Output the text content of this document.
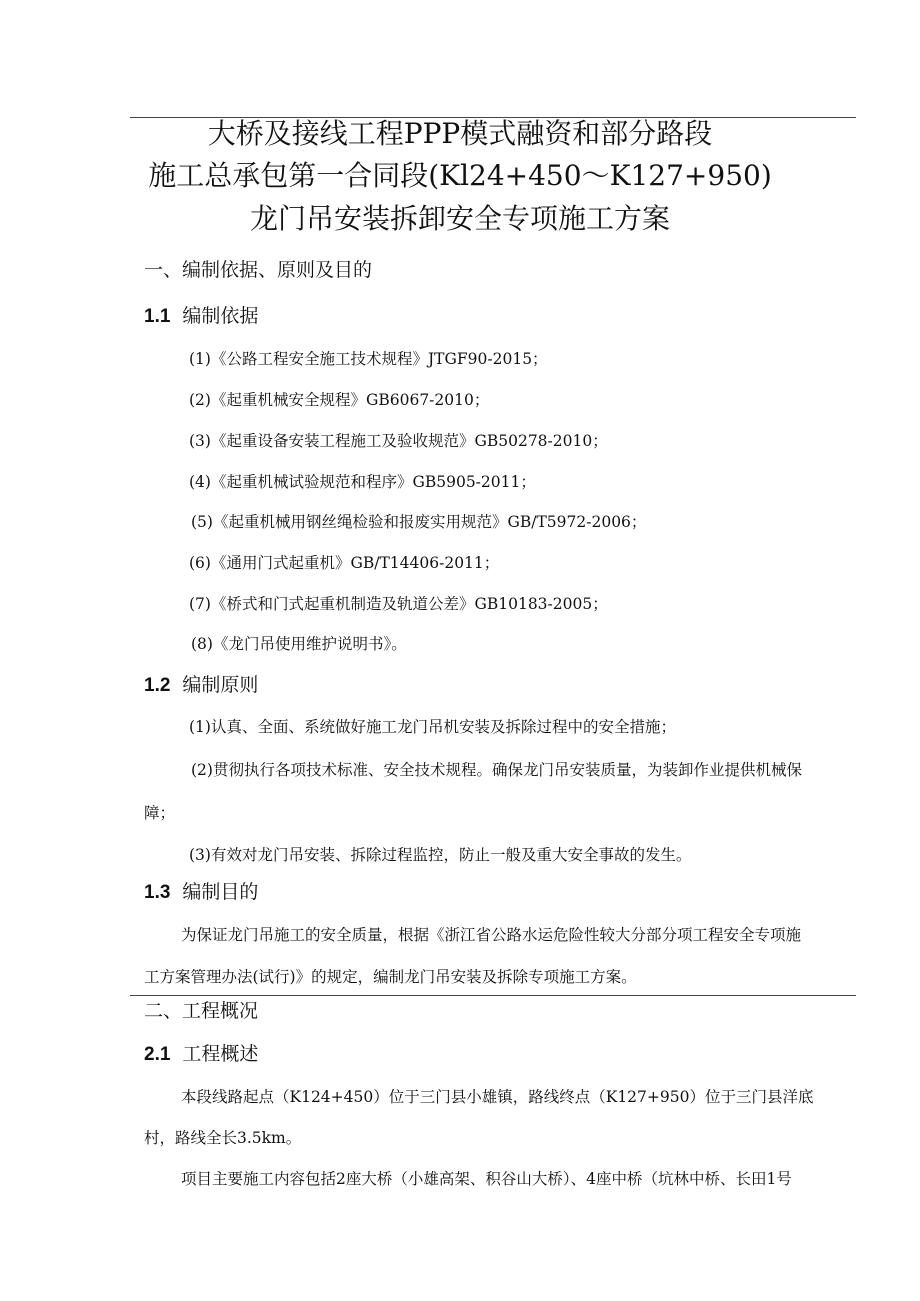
大桥及接线工程PPP模式融资和部分路段
施工总承包第一合同段(Kl24+450～K127+950)
龙门吊安装拆卸安全专项施工方案
一、编制依据、原则及目的
1.1 编制依据
(1)《公路工程安全施工技术规程》JTGF90-2015；
(2)《起重机械安全规程》GB6067-2010；
(3)《起重设备安装工程施工及验收规范》GB50278-2010；
(4)《起重机械试验规范和程序》GB5905-2011；
(5)《起重机械用钢丝绳检验和报废实用规范》GB/T5972-2006；
(6)《通用门式起重机》GB/T14406-2011；
(7)《桥式和门式起重机制造及轨道公差》GB10183-2005；
(8)《龙门吊使用维护说明书》。
1.2 编制原则
(1)认真、全面、系统做好施工龙门吊机安装及拆除过程中的安全措施；
(2)贯彻执行各项技术标准、安全技术规程。确保龙门吊安装质量，为装卸作业提供机械保
障；
(3)有效对龙门吊安装、拆除过程监控，防止一般及重大安全事故的发生。
1.3 编制目的
为保证龙门吊施工的安全质量，根据《浙江省公路水运危险性较大分部分项工程安全专项施
工方案管理办法(试行)》的规定，编制龙门吊安装及拆除专项施工方案。
二、工程概况
2.1 工程概述
本段线路起点（K124+450）位于三门县小雄镇，路线终点（K127+950）位于三门县洋底
村，路线全长3.5km。
项目主要施工内容包括2座大桥（小雄高架、积谷山大桥）、4座中桥（坑林中桥、长田1号
